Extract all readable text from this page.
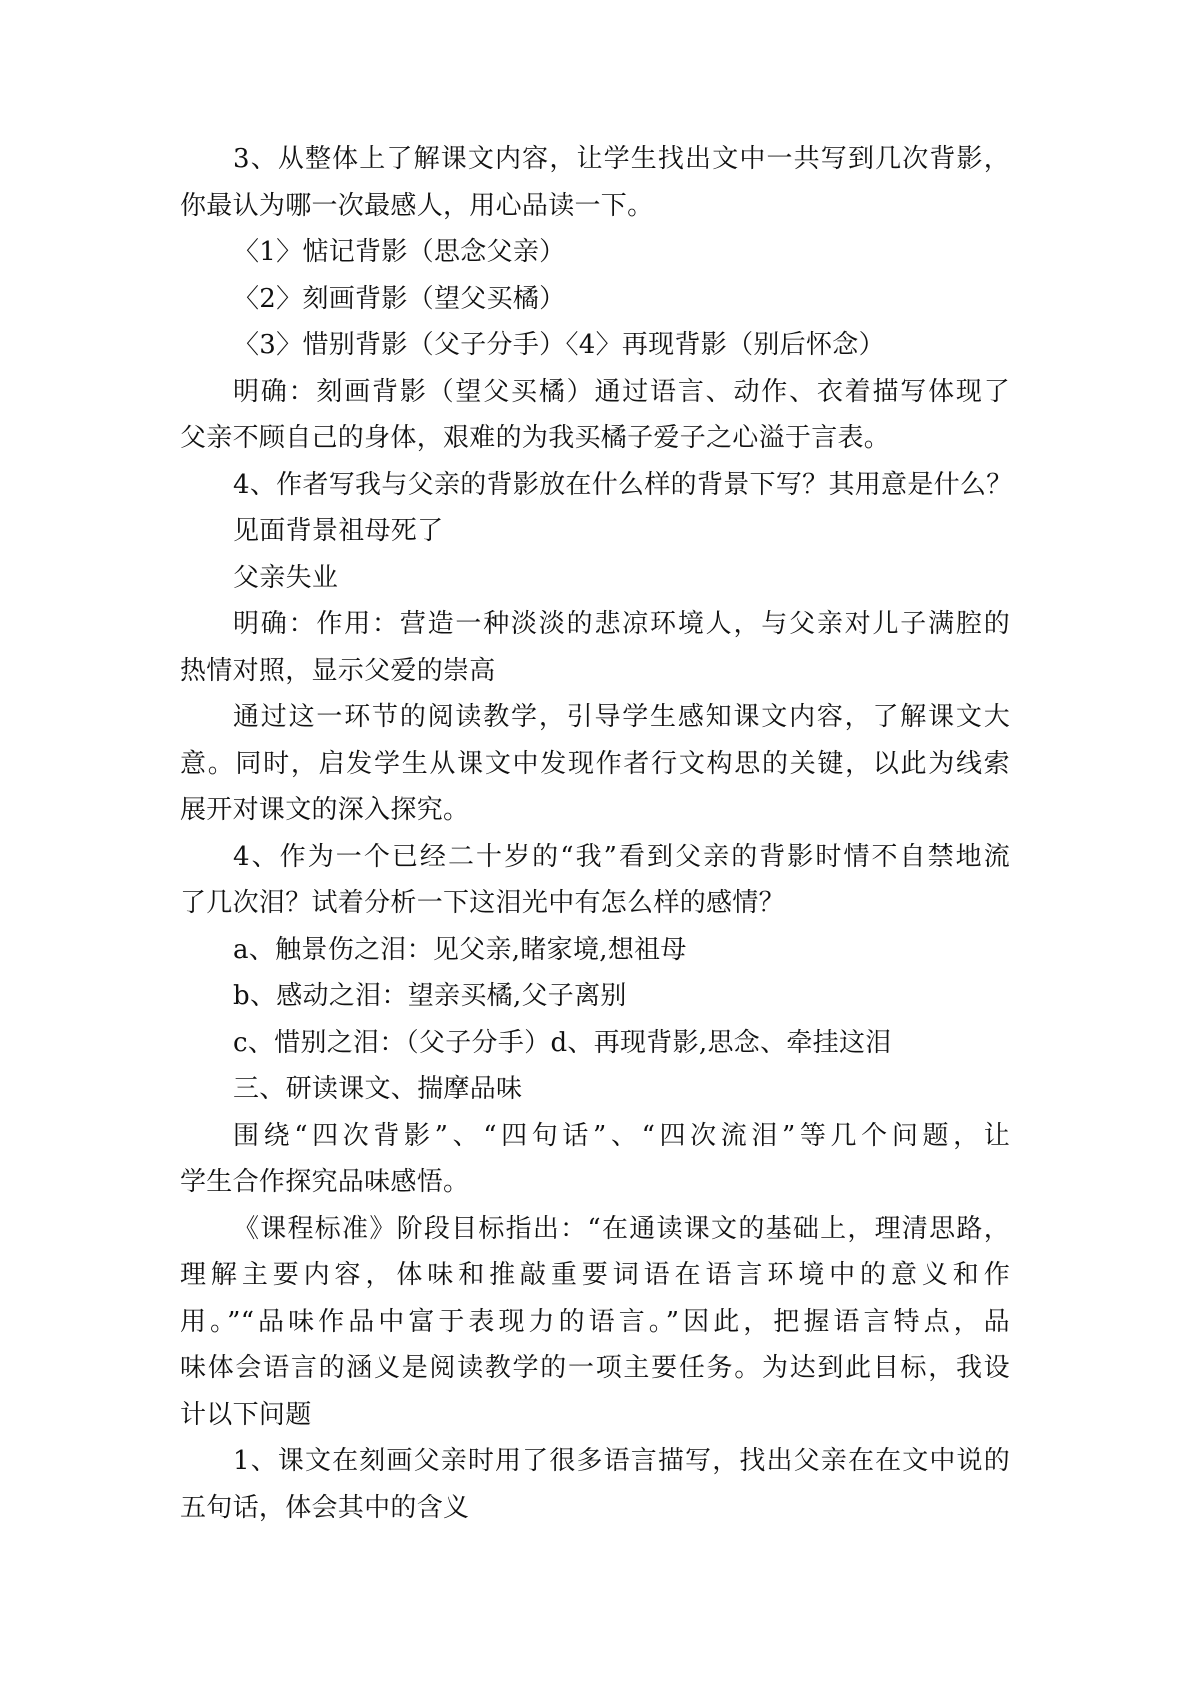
3、从整体上了解课文内容，让学生找出文中一共写到几次背影，
你最认为哪一次最感人，用心品读一下。
〈1〉惦记背影（思念父亲）
〈2〉刻画背影（望父买橘）
〈3〉惜别背影（父子分手）〈4〉再现背影（别后怀念）
明确：刻画背影（望父买橘）通过语言、动作、衣着描写体现了
父亲不顾自己的身体，艰难的为我买橘子爱子之心溢于言表。
4、作者写我与父亲的背影放在什么样的背景下写？其用意是什么？
见面背景祖母死了
父亲失业
明确：作用：营造一种淡淡的悲凉环境人，与父亲对儿子满腔的
热情对照，显示父爱的崇高
通过这一环节的阅读教学，引导学生感知课文内容，了解课文大
意。同时，启发学生从课文中发现作者行文构思的关键，以此为线索
展开对课文的深入探究。
4、作为一个已经二十岁的“我”看到父亲的背影时情不自禁地流
了几次泪？试着分析一下这泪光中有怎么样的感情？
a、触景伤之泪：见父亲,睹家境,想祖母
b、感动之泪：望亲买橘,父子离别
c、惜别之泪：（父子分手）d、再现背影,思念、牵挂这泪
三、研读课文、揣摩品味
围绕“四次背影”、“四句话”、“四次流泪”等几个问题，让
学生合作探究品味感悟。
《课程标准》阶段目标指出：“在通读课文的基础上，理清思路，
理解主要内容，体味和推敲重要词语在语言环境中的意义和作
用。”“品味作品中富于表现力的语言。”因此，把握语言特点，品
味体会语言的涵义是阅读教学的一项主要任务。为达到此目标，我设
计以下问题
1、课文在刻画父亲时用了很多语言描写，找出父亲在在文中说的
五句话，体会其中的含义
